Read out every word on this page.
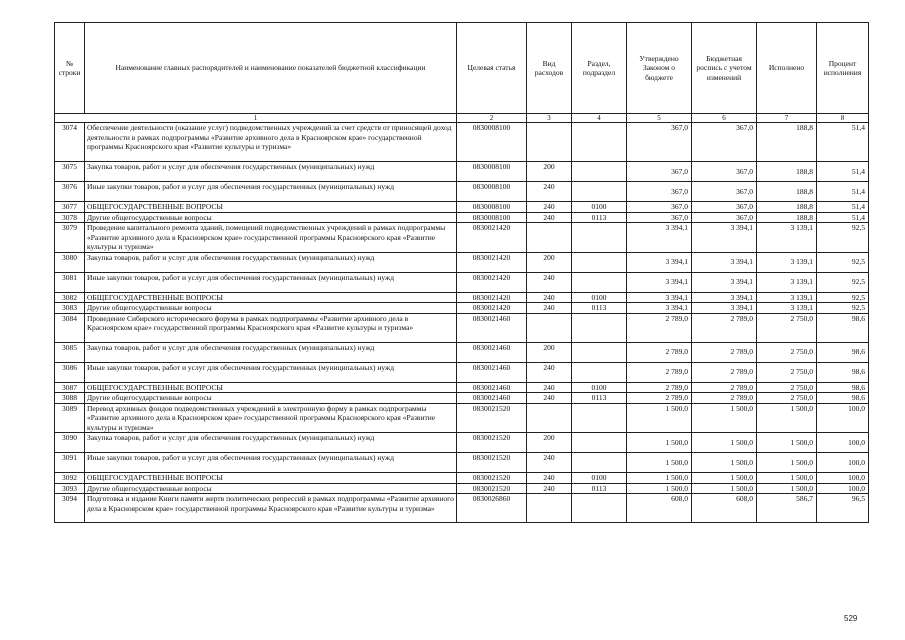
№ строки	Наименование главных распорядителей и наименование показателей бюджетной классификации	Целевая статья	Вид расходов	Раздел, подраздел	Утверждено Законом о бюджете	Бюджетная роспись с учетом изменений	Исполнено	Процент исполнения
1		2	3	4	5	6	7	8
3074	Обеспечение деятельности (оказание услуг) подведомственных учреждений за счет средств от приносящей доход деятельности в рамках подпрограммы «Развитие архивного дела в Красноярском крае» государственной программы Красноярского края «Развитие культуры и туризма»	0830008100			367,0	367,0	188,8	51,4
3075	Закупка товаров, работ и услуг для обеспечения государственных (муниципальных) нужд	0830008100	200		367,0	367,0	188,8	51,4
3076	Иные закупки товаров, работ и услуг для обеспечения государственных (муниципальных) нужд	0830008100	240		367,0	367,0	188,8	51,4
3077	ОБЩЕГОСУДАРСТВЕННЫЕ ВОПРОСЫ	0830008100	240	0100	367,0	367,0	188,8	51,4
3078	Другие общегосударственные вопросы	0830008100	240	0113	367,0	367,0	188,8	51,4
3079	Проведение капитального ремонта зданий, помещений подведомственных учреждений в рамках подпрограммы «Развитие архивного дела в Красноярском крае» государственной программы Красноярского края «Развитие культуры и туризма»	0830021420			3 394,1	3 394,1	3 139,1	92,5
3080	Закупка товаров, работ и услуг для обеспечения государственных (муниципальных) нужд	0830021420	200		3 394,1	3 394,1	3 139,1	92,5
3081	Иные закупки товаров, работ и услуг для обеспечения государственных (муниципальных) нужд	0830021420	240		3 394,1	3 394,1	3 139,1	92,5
3082	ОБЩЕГОСУДАРСТВЕННЫЕ ВОПРОСЫ	0830021420	240	0100	3 394,1	3 394,1	3 139,1	92,5
3083	Другие общегосударственные вопросы	0830021420	240	0113	3 394,1	3 394,1	3 139,1	92,5
3084	Проведение Сибирского исторического форума в рамках подпрограммы «Развитие архивного дела в Красноярском крае» государственной программы Красноярского края «Развитие культуры и туризма»	0830021460			2 789,0	2 789,0	2 750,0	98,6
3085	Закупка товаров, работ и услуг для обеспечения государственных (муниципальных) нужд	0830021460	200		2 789,0	2 789,0	2 750,0	98,6
3086	Иные закупки товаров, работ и услуг для обеспечения государственных (муниципальных) нужд	0830021460	240		2 789,0	2 789,0	2 750,0	98,6
3087	ОБЩЕГОСУДАРСТВЕННЫЕ ВОПРОСЫ	0830021460	240	0100	2 789,0	2 789,0	2 750,0	98,6
3088	Другие общегосударственные вопросы	0830021460	240	0113	2 789,0	2 789,0	2 750,0	98,6
3089	Перевод архивных фондов подведомственных учреждений в электронную форму в рамках подпрограммы «Развитие архивного дела в Красноярском крае» государственной программы Красноярского края «Развитие культуры и туризма»	0830021520			1 500,0	1 500,0	1 500,0	100,0
3090	Закупка товаров, работ и услуг для обеспечения государственных (муниципальных) нужд	0830021520	200		1 500,0	1 500,0	1 500,0	100,0
3091	Иные закупки товаров, работ и услуг для обеспечения государственных (муниципальных) нужд	0830021520	240		1 500,0	1 500,0	1 500,0	100,0
3092	ОБЩЕГОСУДАРСТВЕННЫЕ ВОПРОСЫ	0830021520	240	0100	1 500,0	1 500,0	1 500,0	100,0
3093	Другие общегосударственные вопросы	0830021520	240	0113	1 500,0	1 500,0	1 500,0	100,0
3094	Подготовка и издание Книги памяти жертв политических репрессий в рамках подпрограммы «Развитие архивного дела в Красноярском крае» государственной программы Красноярского края «Развитие культуры и туризма»	0830026860			608,0	608,0	586,7	96,5
529
